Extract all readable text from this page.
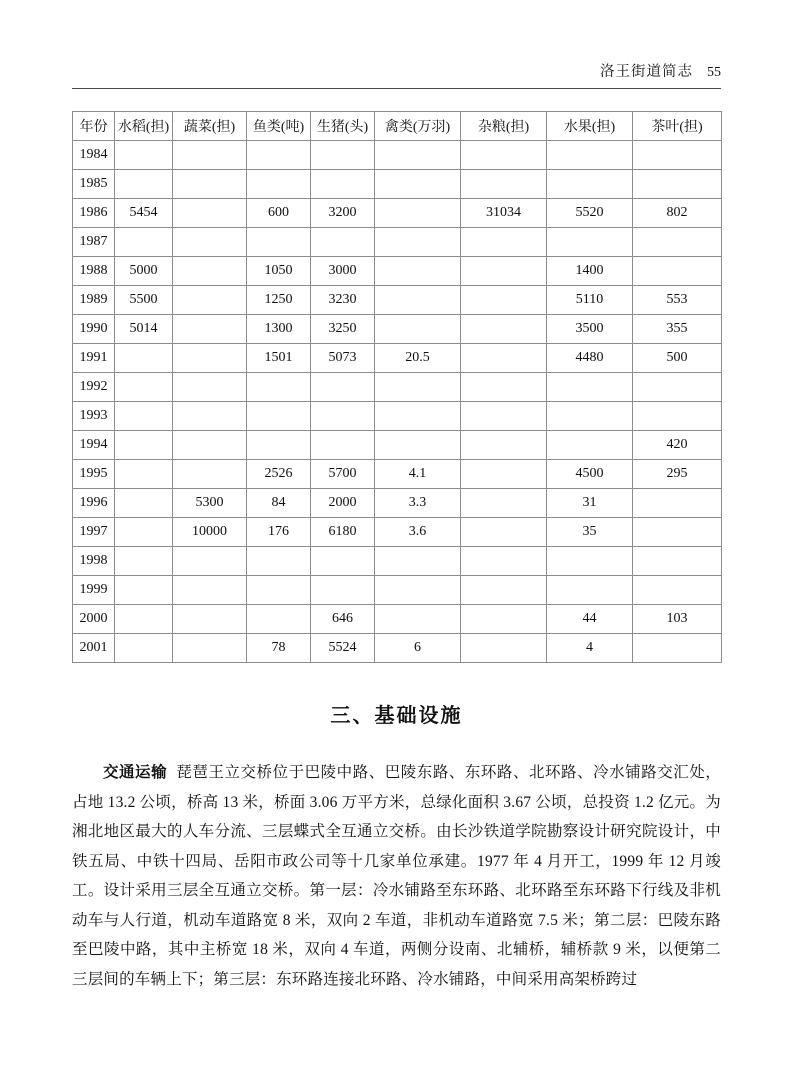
洛王街道简志 55
年份	水稻(担)	蔬菜(担)	鱼类(吨)	生猪(头)	禽类(万羽)	杂粮(担)	水果(担)	茶叶(担)
1984								
1985								
1986	5454		600	3200		31034	5520	802
1987								
1988	5000		1050	3000			1400	
1989	5500		1250	3230			5110	553
1990	5014		1300	3250			3500	355
1991			1501	5073	20.5		4480	500
1992								
1993								
1994								420
1995			2526	5700	4.1		4500	295
1996		5300	84	2000	3.3		31	
1997		10000	176	6180	3.6		35	
1998								
1999								
2000				646			44	103
2001			78	5524	6		4	
三、基础设施

交通运输 琵琶王立交桥位于巴陵中路、巴陵东路、东环路、北环路、冷水铺路交汇处，占地 13.2 公顷，桥高 13 米，桥面 3.06 万平方米，总绿化面积 3.67 公顷，总投资 1.2 亿元。为湘北地区最大的人车分流、三层蝶式全互通立交桥。由长沙铁道学院勘察设计研究院设计，中铁五局、中铁十四局、岳阳市政公司等十几家单位承建。1977 年 4 月开工，1999 年 12 月竣工。设计采用三层全互通立交桥。第一层：冷水铺路至东环路、北环路至东环路下行线及非机动车与人行道，机动车道路宽 8 米，双向 2 车道，非机动车道路宽 7.5 米；第二层：巴陵东路至巴陵中路，其中主桥宽 18 米，双向 4 车道，两侧分设南、北辅桥，辅桥款 9 米，以便第二三层间的车辆上下；第三层：东环路连接北环路、冷水铺路，中间采用高架桥跨过
